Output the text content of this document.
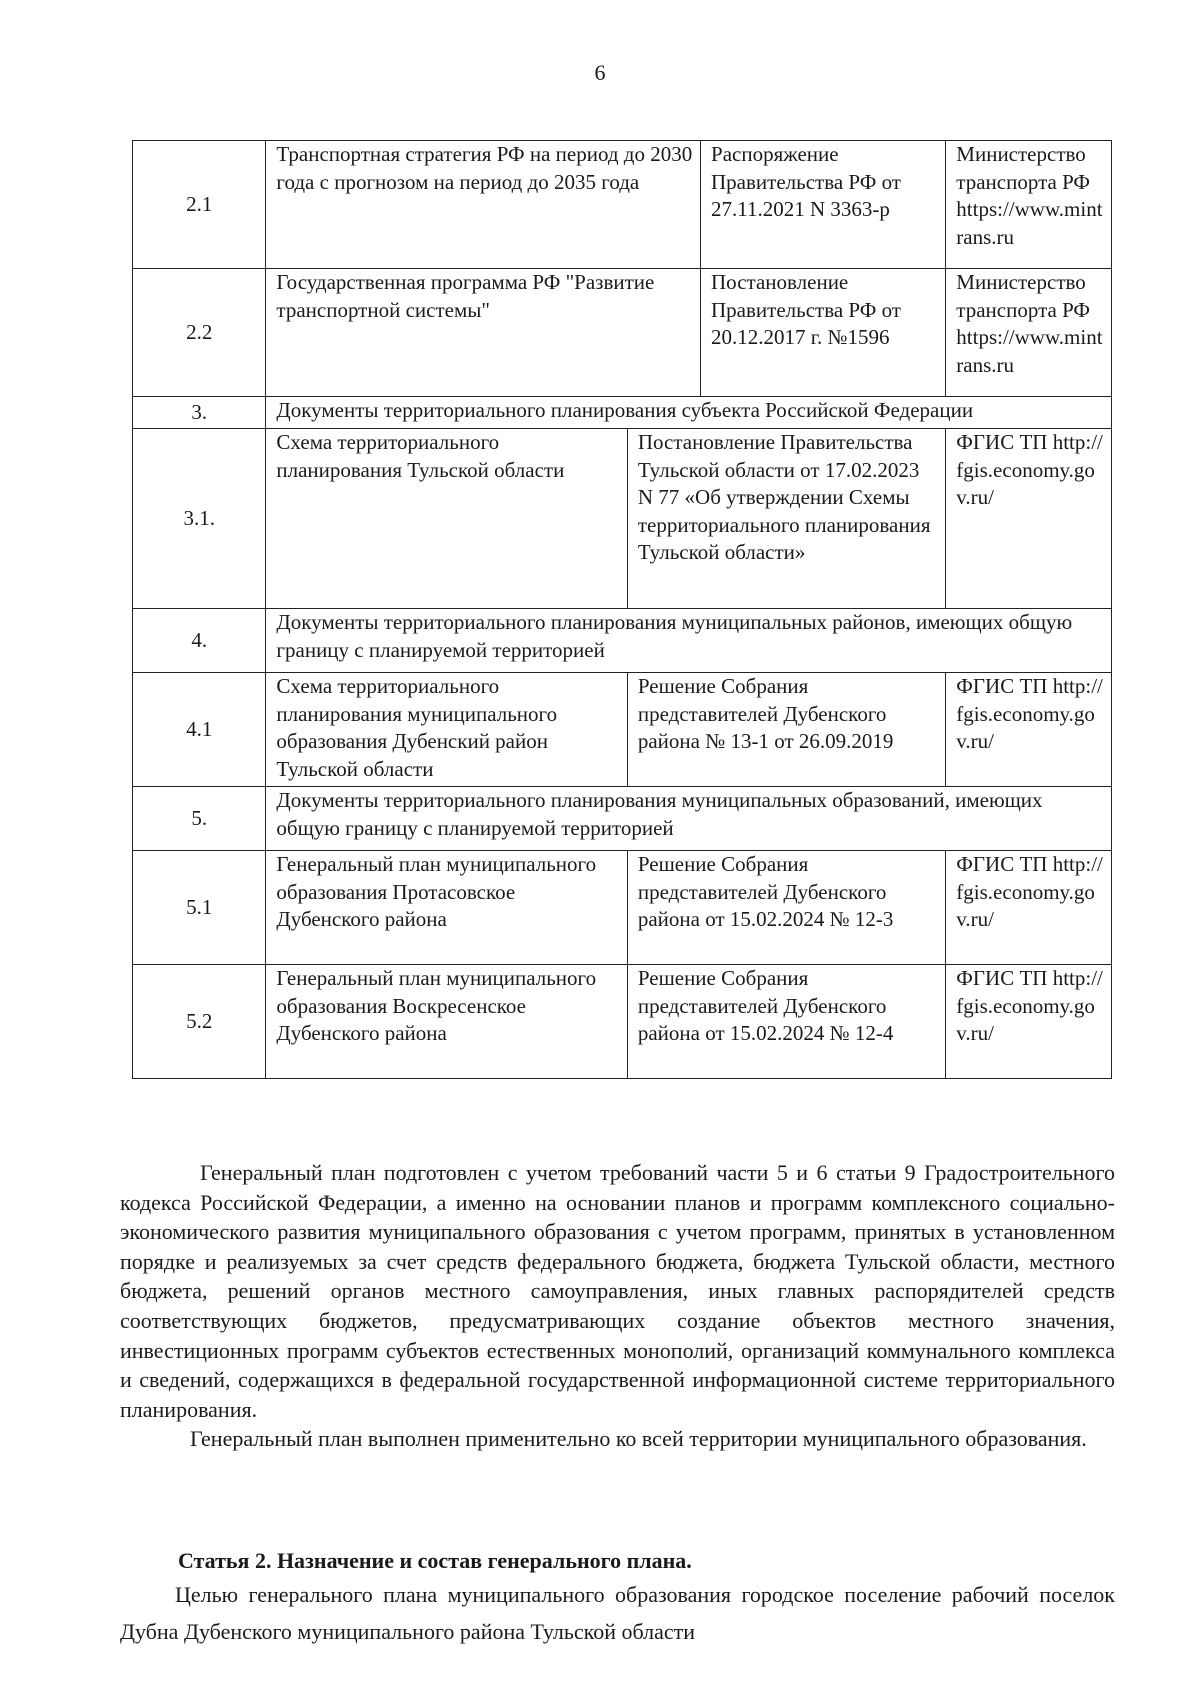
6
2.1	Транспортная стратегия РФ на период до 2030 года с прогнозом на период до 2035 года		Распоряжение Правительства РФ от 27.11.2021 N 3363-р	Министерство транспорта РФ https://www.mintrans.ru
2.2	Государственная программа РФ "Развитие транспортной системы"		Постановление Правительства РФ от 20.12.2017 г. №1596	Министерство транспорта РФ https://www.mintrans.ru
3.	Документы территориального планирования субъекта Российской Федерации			
3.1.	Схема территориального планирования Тульской области	Постановление Правительства Тульской области от 17.02.2023 N 77 «Об утверждении Схемы территориального планирования Тульской области»		ФГИС ТП http:// fgis.economy.gov.ru/
4.	Документы территориального планирования муниципальных районов, имеющих общую границу с планируемой территорией			
4.1	Схема территориального планирования муниципального образования Дубенский район Тульской области	Решение Собрания представителей Дубенского района № 13-1 от 26.09.2019		ФГИС ТП http:// fgis.economy.gov.ru/
5.	Документы территориального планирования муниципальных образований, имеющих общую границу с планируемой территорией			
5.1	Генеральный план муниципального образования Протасовское Дубенского района	Решение Собрания представителей Дубенского района от 15.02.2024 № 12-3		ФГИС ТП http:// fgis.economy.gov.ru/
5.2	Генеральный план муниципального образования Воскресенское Дубенского района	Решение Собрания представителей Дубенского района от 15.02.2024 № 12-4		ФГИС ТП http:// fgis.economy.gov.ru/

Генеральный план подготовлен с учетом требований части 5 и 6 статьи 9 Градостроительного кодекса Российской Федерации, а именно на основании планов и программ комплексного социально-экономического развития муниципального образования с учетом программ, принятых в установленном порядке и реализуемых за счет средств федерального бюджета, бюджета Тульской области, местного бюджета, решений органов местного самоуправления, иных главных распорядителей средств соответствующих бюджетов, предусматривающих создание объектов местного значения, инвестиционных программ субъектов естественных монополий, организаций коммунального комплекса и сведений, содержащихся в федеральной государственной информационной системе территориального планирования.

Генеральный план выполнен применительно ко всей территории муниципального образования.

Статья 2. Назначение и состав генерального плана.

Целью генерального плана муниципального образования городское поселение рабочий поселок Дубна Дубенского муниципального района Тульской области
